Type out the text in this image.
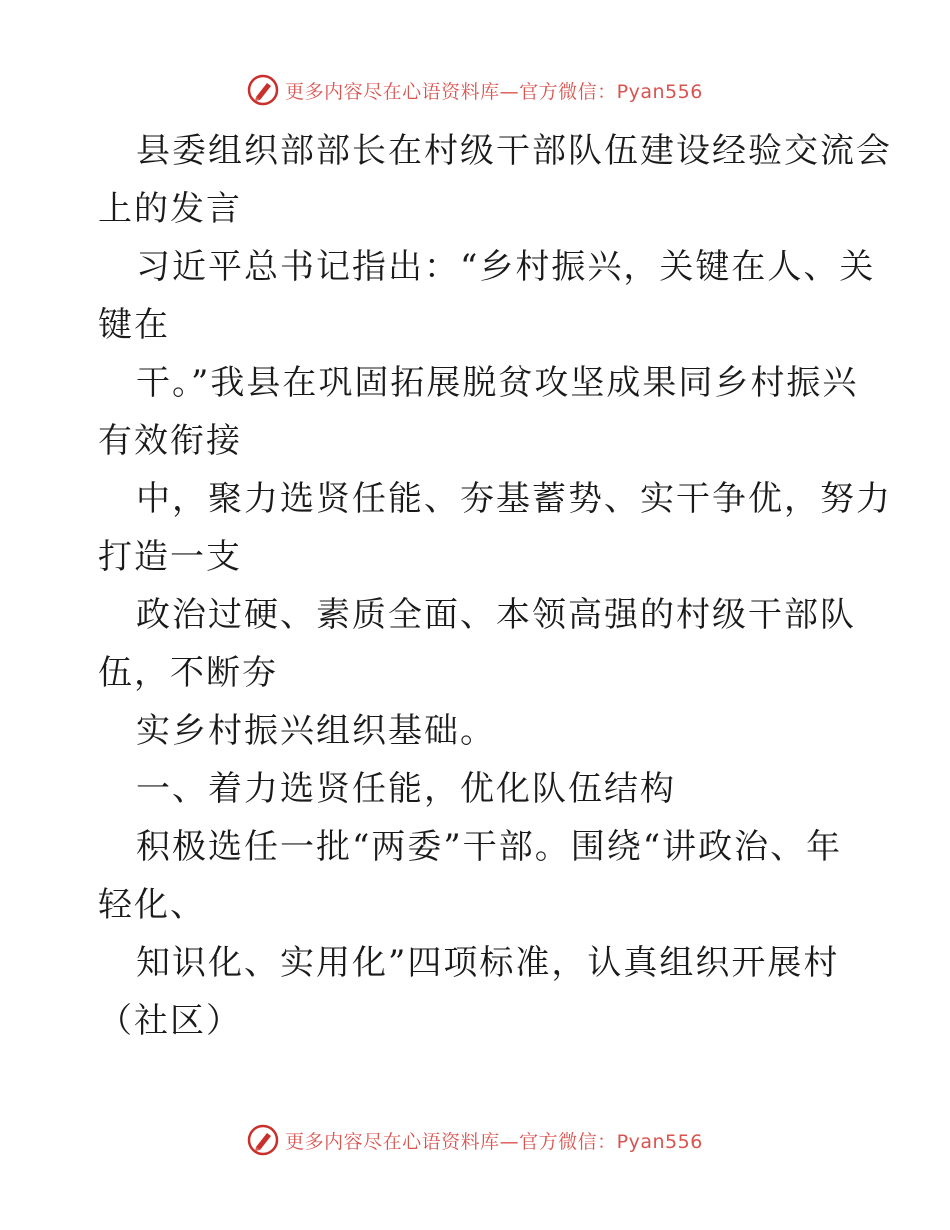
更多内容尽在心语资料库—官方微信：Pyan556
县委组织部部长在村级干部队伍建设经验交流会
上的发言
习近平总书记指出：“乡村振兴，关键在人、关
键在
干。”我县在巩固拓展脱贫攻坚成果同乡村振兴
有效衔接
中，聚力选贤任能、夯基蓄势、实干争优，努力
打造一支
政治过硬、素质全面、本领高强的村级干部队
伍，不断夯
实乡村振兴组织基础。
一、着力选贤任能，优化队伍结构
积极选任一批“两委”干部。围绕“讲政治、年
轻化、
知识化、实用化”四项标准，认真组织开展村
（社区）
更多内容尽在心语资料库—官方微信：Pyan556
